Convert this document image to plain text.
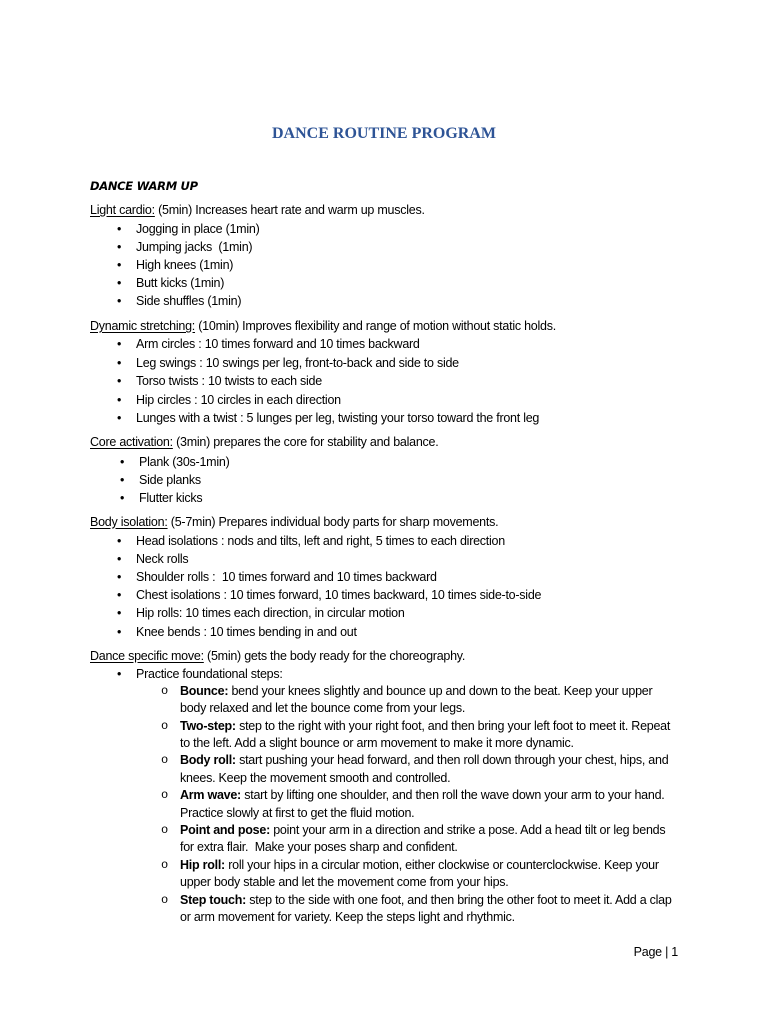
DANCE ROUTINE PROGRAM

DANCE WARM UP

Light cardio: (5min) Increases heart rate and warm up muscles.

• Jogging in place (1min)
• Jumping jacks  (1min)
• High knees (1min)
• Butt kicks (1min)
• Side shuffles (1min)

Dynamic stretching: (10min) Improves flexibility and range of motion without static holds.

• Arm circles : 10 times forward and 10 times backward
• Leg swings : 10 swings per leg, front-to-back and side to side
• Torso twists : 10 twists to each side
• Hip circles : 10 circles in each direction
• Lunges with a twist : 5 lunges per leg, twisting your torso toward the front leg

Core activation: (3min) prepares the core for stability and balance.

• Plank (30s-1min)
• Side planks
• Flutter kicks

Body isolation: (5-7min) Prepares individual body parts for sharp movements.

• Head isolations : nods and tilts, left and right, 5 times to each direction
• Neck rolls
• Shoulder rolls :  10 times forward and 10 times backward
• Chest isolations : 10 times forward, 10 times backward, 10 times side-to-side
• Hip rolls: 10 times each direction, in circular motion
• Knee bends : 10 times bending in and out

Dance specific move: (5min) gets the body ready for the choreography.

• Practice foundational steps:
o Bounce: bend your knees slightly and bounce up and down to the beat. Keep your upper body relaxed and let the bounce come from your legs.
o Two-step: step to the right with your right foot, and then bring your left foot to meet it. Repeat to the left. Add a slight bounce or arm movement to make it more dynamic.
o Body roll: start pushing your head forward, and then roll down through your chest, hips, and knees. Keep the movement smooth and controlled.
o Arm wave: start by lifting one shoulder, and then roll the wave down your arm to your hand. Practice slowly at first to get the fluid motion.
o Point and pose: point your arm in a direction and strike a pose. Add a head tilt or leg bends for extra flair.  Make your poses sharp and confident.
o Hip roll: roll your hips in a circular motion, either clockwise or counterclockwise. Keep your upper body stable and let the movement come from your hips.
o Step touch: step to the side with one foot, and then bring the other foot to meet it. Add a clap or arm movement for variety. Keep the steps light and rhythmic.
Page | 1
